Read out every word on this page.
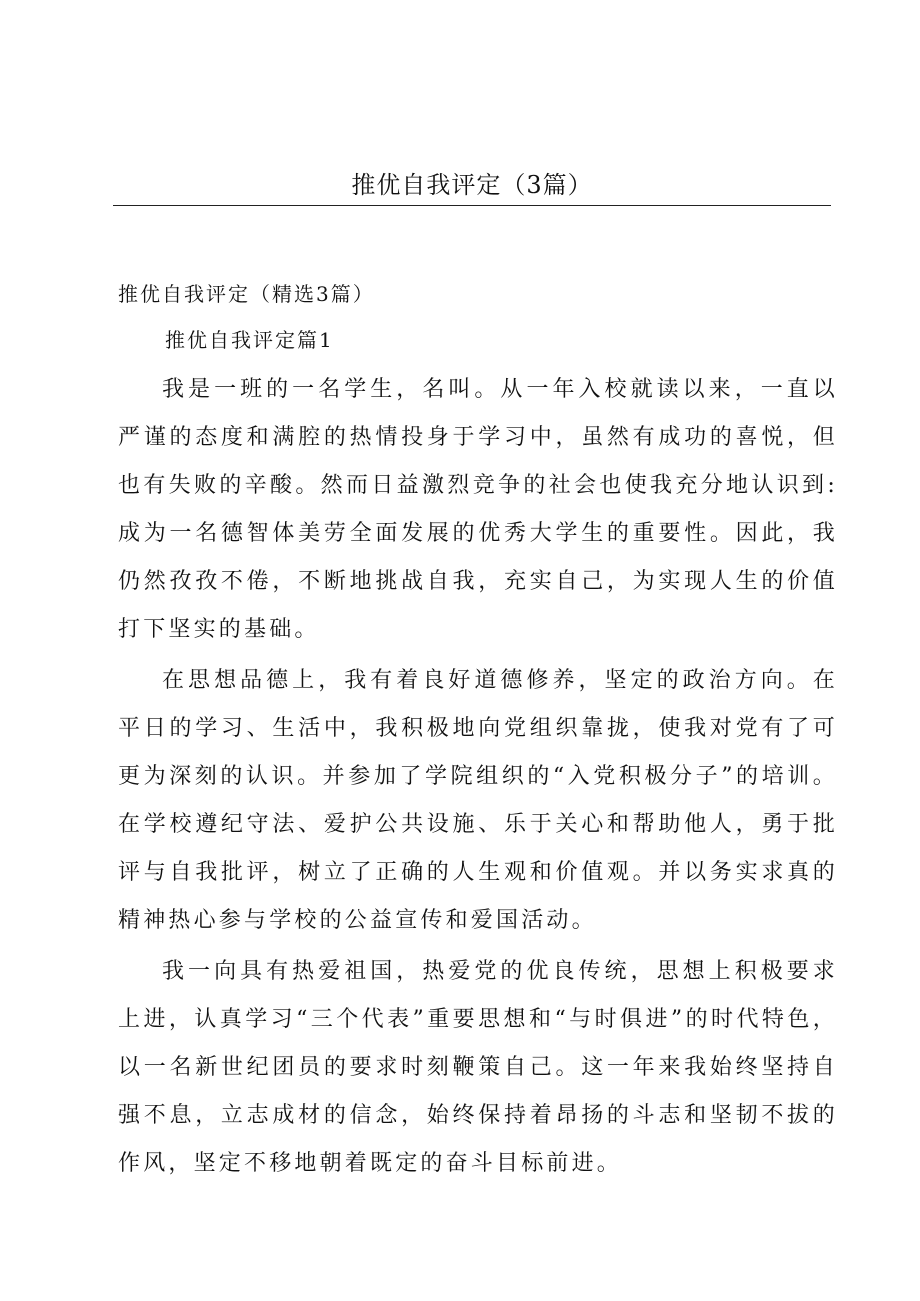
推优自我评定（3篇）
推优自我评定（精选3篇）
推优自我评定篇1

我是一班的一名学生，名叫。从一年入校就读以来，一直以严谨的态度和满腔的热情投身于学习中，虽然有成功的喜悦，但也有失败的辛酸。然而日益激烈竞争的社会也使我充分地认识到:成为一名德智体美劳全面发展的优秀大学生的重要性。因此，我仍然孜孜不倦，不断地挑战自我，充实自己，为实现人生的价值打下坚实的基础。

在思想品德上，我有着良好道德修养，坚定的政治方向。在平日的学习、生活中，我积极地向党组织靠拢，使我对党有了可更为深刻的认识。并参加了学院组织的“入党积极分子”的培训。在学校遵纪守法、爱护公共设施、乐于关心和帮助他人，勇于批评与自我批评，树立了正确的人生观和价值观。并以务实求真的精神热心参与学校的公益宣传和爱国活动。

我一向具有热爱祖国，热爱党的优良传统，思想上积极要求上进，认真学习“三个代表”重要思想和“与时俱进”的时代特色，以一名新世纪团员的要求时刻鞭策自己。这一年来我始终坚持自强不息，立志成材的信念，始终保持着昂扬的斗志和坚韧不拔的作风，坚定不移地朝着既定的奋斗目标前进。
